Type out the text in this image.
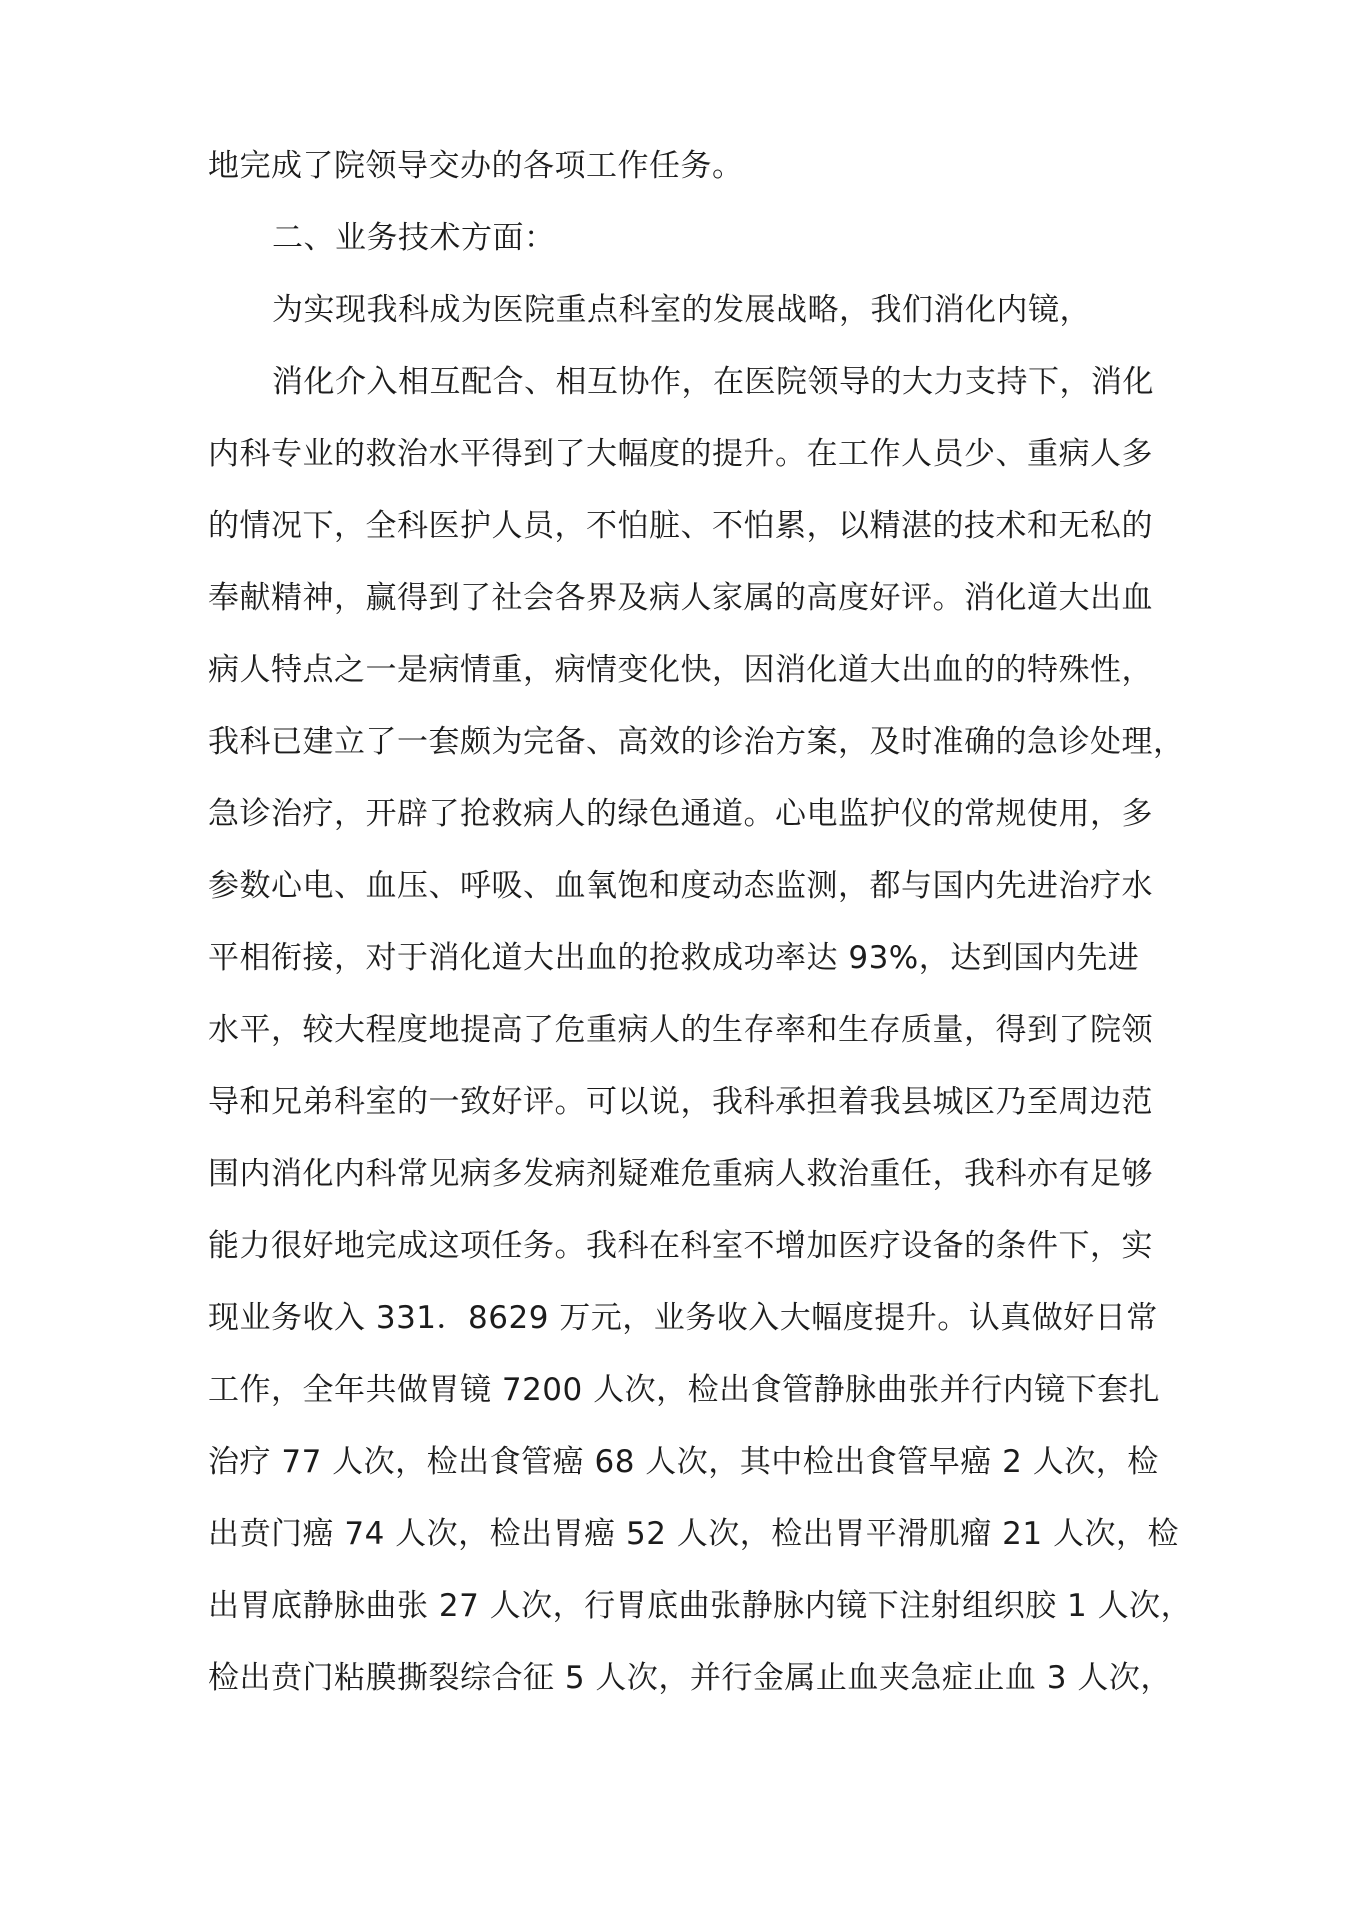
地完成了院领导交办的各项工作任务。
二、业务技术方面：
为实现我科成为医院重点科室的发展战略，我们消化内镜，
消化介入相互配合、相互协作，在医院领导的大力支持下，消化
内科专业的救治水平得到了大幅度的提升。在工作人员少、重病人多
的情况下，全科医护人员，不怕脏、不怕累，以精湛的技术和无私的
奉献精神，赢得到了社会各界及病人家属的高度好评。消化道大出血
病人特点之一是病情重，病情变化快，因消化道大出血的的特殊性，
我科已建立了一套颇为完备、高效的诊治方案，及时准确的急诊处理，
急诊治疗，开辟了抢救病人的绿色通道。心电监护仪的常规使用，多
参数心电、血压、呼吸、血氧饱和度动态监测，都与国内先进治疗水
平相衔接，对于消化道大出血的抢救成功率达 93%，达到国内先进
水平，较大程度地提高了危重病人的生存率和生存质量，得到了院领
导和兄弟科室的一致好评。可以说，我科承担着我县城区乃至周边范
围内消化内科常见病多发病剂疑难危重病人救治重任，我科亦有足够
能力很好地完成这项任务。我科在科室不增加医疗设备的条件下，实
现业务收入 331．8629 万元，业务收入大幅度提升。认真做好日常
工作，全年共做胃镜 7200 人次，检出食管静脉曲张并行内镜下套扎
治疗 77 人次，检出食管癌 68 人次，其中检出食管早癌 2 人次，检
出贲门癌 74 人次，检出胃癌 52 人次，检出胃平滑肌瘤 21 人次，检
出胃底静脉曲张 27 人次，行胃底曲张静脉内镜下注射组织胶 1 人次，
检出贲门粘膜撕裂综合征 5 人次，并行金属止血夹急症止血 3 人次，
